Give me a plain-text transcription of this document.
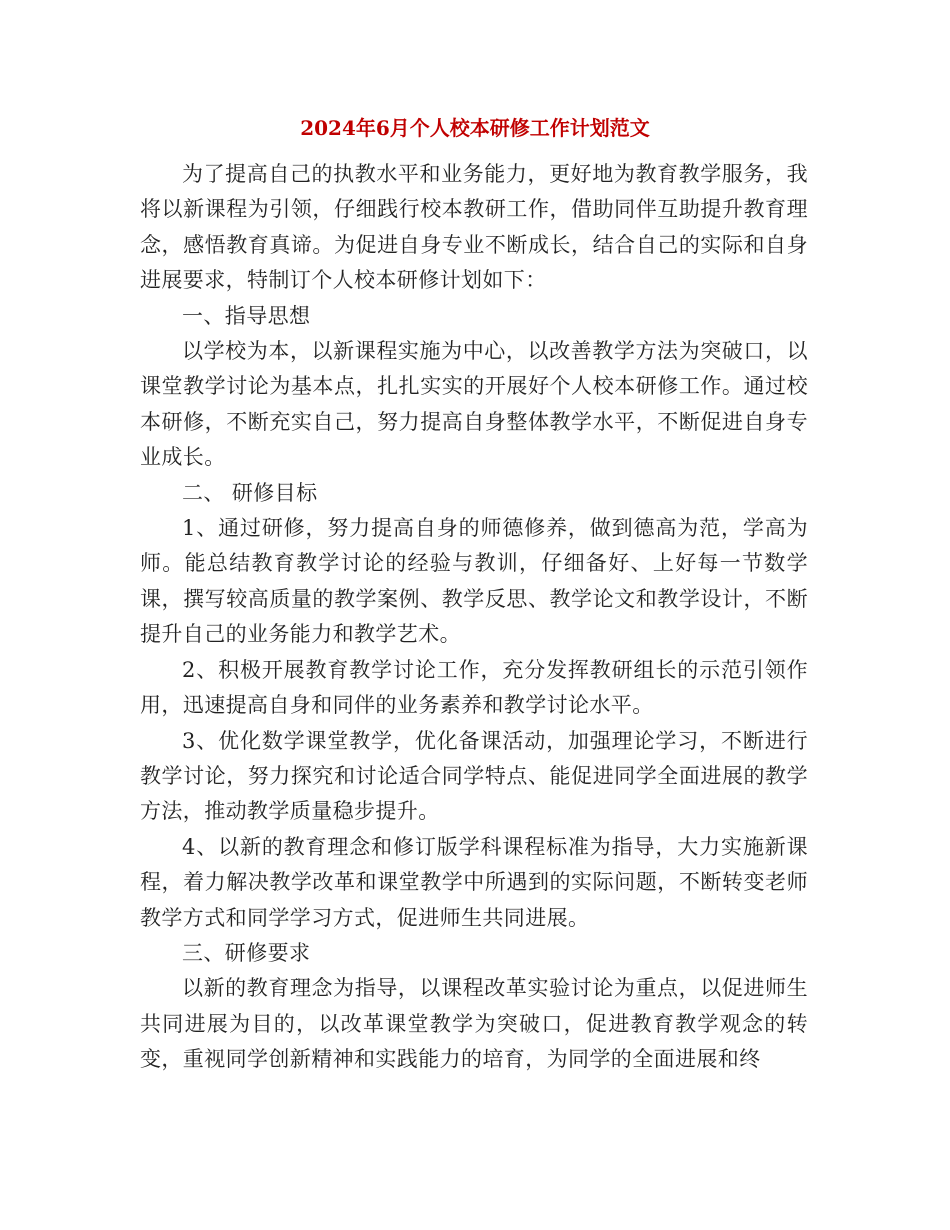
2024年6月个人校本研修工作计划范文

为了提高自己的执教水平和业务能力，更好地为教育教学服务，我将以新课程为引领，仔细践行校本教研工作，借助同伴互助提升教育理念，感悟教育真谛。为促进自身专业不断成长，结合自己的实际和自身进展要求，特制订个人校本研修计划如下：

一、指导思想

以学校为本，以新课程实施为中心，以改善教学方法为突破口，以课堂教学讨论为基本点，扎扎实实的开展好个人校本研修工作。通过校本研修，不断充实自己，努力提高自身整体教学水平，不断促进自身专业成长。

二、 研修目标

1、通过研修，努力提高自身的师德修养，做到德高为范，学高为师。能总结教育教学讨论的经验与教训，仔细备好、上好每一节数学课，撰写较高质量的教学案例、教学反思、教学论文和教学设计，不断提升自己的业务能力和教学艺术。

2、积极开展教育教学讨论工作，充分发挥教研组长的示范引领作用，迅速提高自身和同伴的业务素养和教学讨论水平。

3、优化数学课堂教学，优化备课活动，加强理论学习，不断进行教学讨论，努力探究和讨论适合同学特点、能促进同学全面进展的教学方法，推动教学质量稳步提升。

4、以新的教育理念和修订版学科课程标准为指导，大力实施新课程，着力解决教学改革和课堂教学中所遇到的实际问题，不断转变老师教学方式和同学学习方式，促进师生共同进展。

三、研修要求

以新的教育理念为指导，以课程改革实验讨论为重点，以促进师生共同进展为目的，以改革课堂教学为突破口，促进教育教学观念的转变，重视同学创新精神和实践能力的培育，为同学的全面进展和终
